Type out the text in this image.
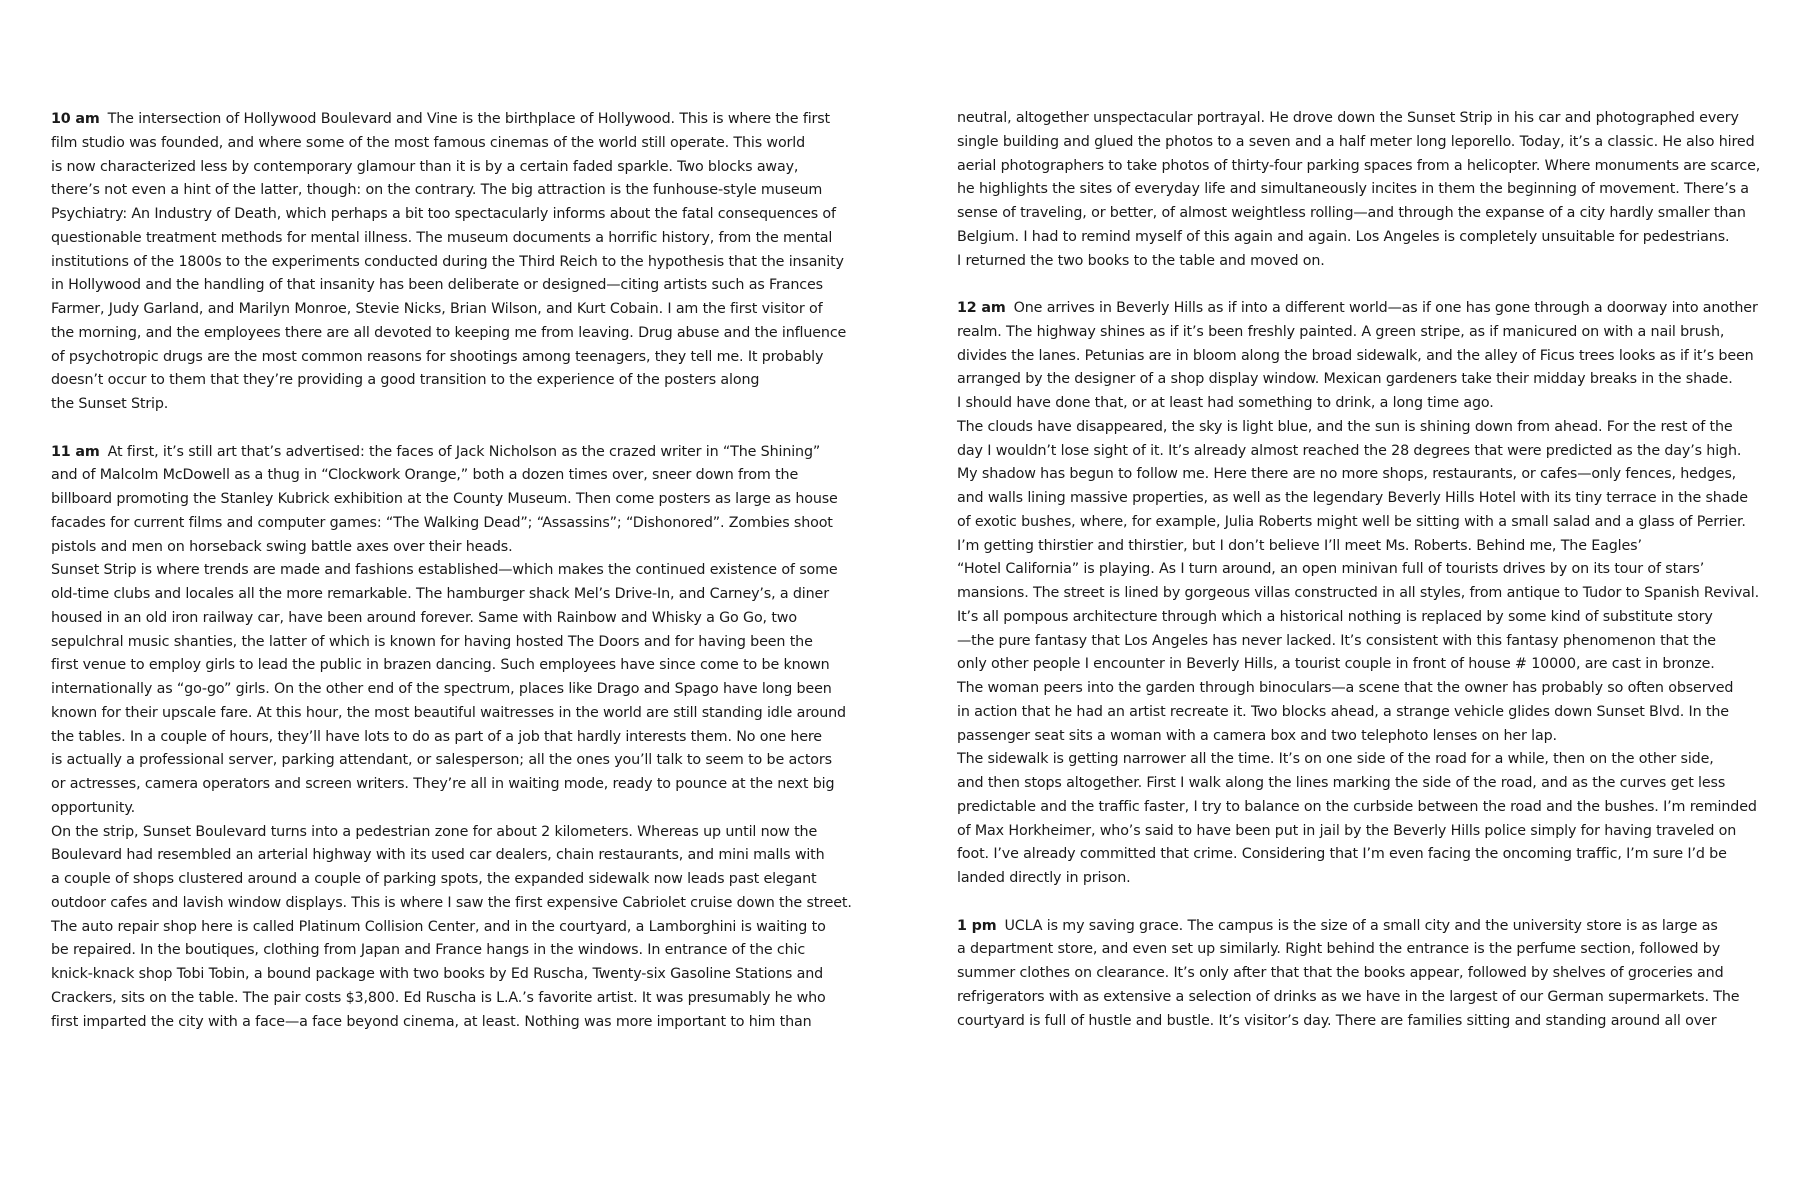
10 am The intersection of Hollywood Boulevard and Vine is the birthplace of Hollywood. This is where the first
film studio was founded, and where some of the most famous cinemas of the world still operate. This world
is now characterized less by contemporary glamour than it is by a certain faded sparkle. Two blocks away,
there’s not even a hint of the latter, though: on the contrary. The big attraction is the funhouse-style museum
Psychiatry: An Industry of Death, which perhaps a bit too spectacularly informs about the fatal consequences of
questionable treatment methods for mental illness. The museum documents a horrific history, from the mental
institutions of the 1800s to the experiments conducted during the Third Reich to the hypothesis that the insanity
in Hollywood and the handling of that insanity has been deliberate or designed—citing artists such as Frances
Farmer, Judy Garland, and Marilyn Monroe, Stevie Nicks, Brian Wilson, and Kurt Cobain. I am the first visitor of
the morning, and the employees there are all devoted to keeping me from leaving. Drug abuse and the influence
of psychotropic drugs are the most common reasons for shootings among teenagers, they tell me. It probably
doesn’t occur to them that they’re providing a good transition to the experience of the posters along
the Sunset Strip.
11 am At first, it’s still art that’s advertised: the faces of Jack Nicholson as the crazed writer in “The Shining”
and of Malcolm McDowell as a thug in “Clockwork Orange,” both a dozen times over, sneer down from the
billboard promoting the Stanley Kubrick exhibition at the County Museum. Then come posters as large as house
facades for current films and computer games: “The Walking Dead”; “Assassins”; “Dishonored”. Zombies shoot
pistols and men on horseback swing battle axes over their heads.
Sunset Strip is where trends are made and fashions established—which makes the continued existence of some
old-time clubs and locales all the more remarkable. The hamburger shack Mel’s Drive-In, and Carney’s, a diner
housed in an old iron railway car, have been around forever. Same with Rainbow and Whisky a Go Go, two
sepulchral music shanties, the latter of which is known for having hosted The Doors and for having been the
first venue to employ girls to lead the public in brazen dancing. Such employees have since come to be known
internationally as “go-go” girls. On the other end of the spectrum, places like Drago and Spago have long been
known for their upscale fare. At this hour, the most beautiful waitresses in the world are still standing idle around
the tables. In a couple of hours, they’ll have lots to do as part of a job that hardly interests them. No one here
is actually a professional server, parking attendant, or salesperson; all the ones you’ll talk to seem to be actors
or actresses, camera operators and screen writers. They’re all in waiting mode, ready to pounce at the next big
opportunity.
On the strip, Sunset Boulevard turns into a pedestrian zone for about 2 kilometers. Whereas up until now the
Boulevard had resembled an arterial highway with its used car dealers, chain restaurants, and mini malls with
a couple of shops clustered around a couple of parking spots, the expanded sidewalk now leads past elegant
outdoor cafes and lavish window displays. This is where I saw the first expensive Cabriolet cruise down the street.
The auto repair shop here is called Platinum Collision Center, and in the courtyard, a Lamborghini is waiting to
be repaired. In the boutiques, clothing from Japan and France hangs in the windows. In entrance of the chic
knick-knack shop Tobi Tobin, a bound package with two books by Ed Ruscha, Twenty-six Gasoline Stations and
Crackers, sits on the table. The pair costs $3,800. Ed Ruscha is L.A.’s favorite artist. It was presumably he who
first imparted the city with a face—a face beyond cinema, at least. Nothing was more important to him than
neutral, altogether unspectacular portrayal. He drove down the Sunset Strip in his car and photographed every
single building and glued the photos to a seven and a half meter long leporello. Today, it’s a classic. He also hired
aerial photographers to take photos of thirty-four parking spaces from a helicopter. Where monuments are scarce,
he highlights the sites of everyday life and simultaneously incites in them the beginning of movement. There’s a
sense of traveling, or better, of almost weightless rolling—and through the expanse of a city hardly smaller than
Belgium. I had to remind myself of this again and again. Los Angeles is completely unsuitable for pedestrians.
I returned the two books to the table and moved on.
12 am One arrives in Beverly Hills as if into a different world—as if one has gone through a doorway into another
realm. The highway shines as if it’s been freshly painted. A green stripe, as if manicured on with a nail brush,
divides the lanes. Petunias are in bloom along the broad sidewalk, and the alley of Ficus trees looks as if it’s been
arranged by the designer of a shop display window. Mexican gardeners take their midday breaks in the shade.
I should have done that, or at least had something to drink, a long time ago.
The clouds have disappeared, the sky is light blue, and the sun is shining down from ahead. For the rest of the
day I wouldn’t lose sight of it. It’s already almost reached the 28 degrees that were predicted as the day’s high.
My shadow has begun to follow me. Here there are no more shops, restaurants, or cafes—only fences, hedges,
and walls lining massive properties, as well as the legendary Beverly Hills Hotel with its tiny terrace in the shade
of exotic bushes, where, for example, Julia Roberts might well be sitting with a small salad and a glass of Perrier.
I’m getting thirstier and thirstier, but I don’t believe I’ll meet Ms. Roberts. Behind me, The Eagles’
“Hotel California” is playing. As I turn around, an open minivan full of tourists drives by on its tour of stars’
mansions. The street is lined by gorgeous villas constructed in all styles, from antique to Tudor to Spanish Revival.
It’s all pompous architecture through which a historical nothing is replaced by some kind of substitute story
—the pure fantasy that Los Angeles has never lacked. It’s consistent with this fantasy phenomenon that the
only other people I encounter in Beverly Hills, a tourist couple in front of house # 10000, are cast in bronze.
The woman peers into the garden through binoculars—a scene that the owner has probably so often observed
in action that he had an artist recreate it. Two blocks ahead, a strange vehicle glides down Sunset Blvd. In the
passenger seat sits a woman with a camera box and two telephoto lenses on her lap.
The sidewalk is getting narrower all the time. It’s on one side of the road for a while, then on the other side,
and then stops altogether. First I walk along the lines marking the side of the road, and as the curves get less
predictable and the traffic faster, I try to balance on the curbside between the road and the bushes. I’m reminded
of Max Horkheimer, who’s said to have been put in jail by the Beverly Hills police simply for having traveled on
foot. I’ve already committed that crime. Considering that I’m even facing the oncoming traffic, I’m sure I’d be
landed directly in prison.
1 pm UCLA is my saving grace. The campus is the size of a small city and the university store is as large as
a department store, and even set up similarly. Right behind the entrance is the perfume section, followed by
summer clothes on clearance. It’s only after that that the books appear, followed by shelves of groceries and
refrigerators with as extensive a selection of drinks as we have in the largest of our German supermarkets. The
courtyard is full of hustle and bustle. It’s visitor’s day. There are families sitting and standing around all over
